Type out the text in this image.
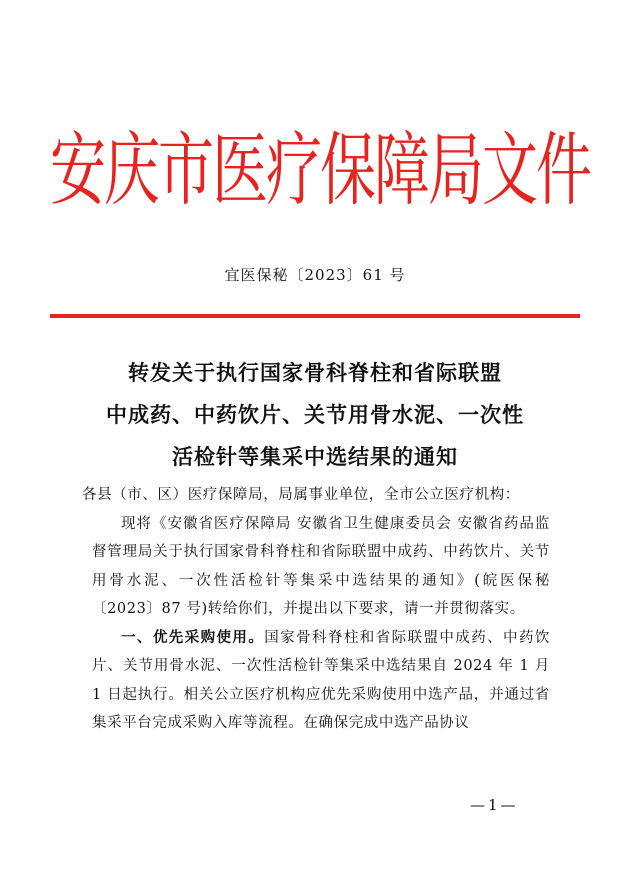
安庆市医疗保障局文件
宜医保秘〔2023〕61 号
转发关于执行国家骨科脊柱和省际联盟
中成药、中药饮片、关节用骨水泥、一次性
活检针等集采中选结果的通知

各县（市、区）医疗保障局，局属事业单位，全市公立医疗机构：

现将《安徽省医疗保障局 安徽省卫生健康委员会 安徽省药品监督管理局关于执行国家骨科脊柱和省际联盟中成药、中药饮片、关节用骨水泥、一次性活检针等集采中选结果的通知》(皖医保秘〔2023〕87 号)转给你们，并提出以下要求，请一并贯彻落实。

一、优先采购使用。国家骨科脊柱和省际联盟中成药、中药饮片、关节用骨水泥、一次性活检针等集采中选结果自 2024 年 1 月 1 日起执行。相关公立医疗机构应优先采购使用中选产品，并通过省集采平台完成采购入库等流程。在确保完成中选产品协议

—1—
